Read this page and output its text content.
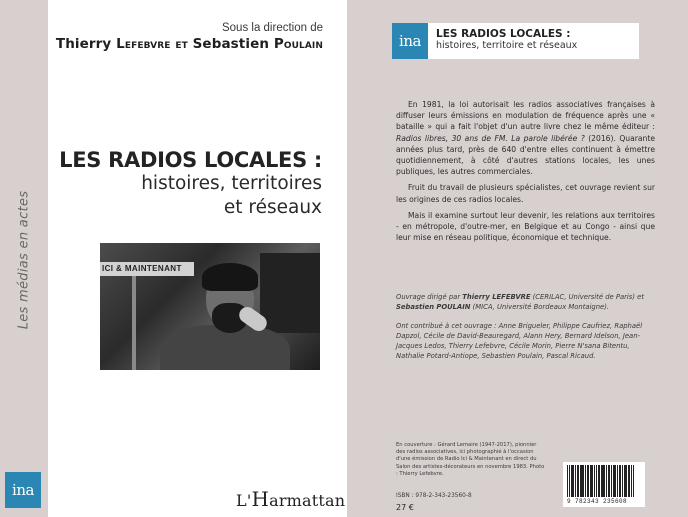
Les médias en actes
ina
Sous la direction de
Thierry Lefebvre et Sebastien Poulain
LES RADIOS LOCALES :
histoires, territoires
et réseaux
ICI & MAINTENANT
L'Harmattan
ina	LES RADIOS LOCALES :
histoires, territoire et réseaux

En 1981, la loi autorisait les radios associatives françaises à diffuser leurs émissions en modulation de fréquence après une « bataille » qui a fait l'objet d'un autre livre chez le même éditeur : Radios libres, 30 ans de FM. La parole libérée ? (2016). Quarante années plus tard, près de 640 d'entre elles continuent à émettre quotidiennement, à côté d'autres stations locales, les unes publiques, les autres commerciales.

Fruit du travail de plusieurs spécialistes, cet ouvrage revient sur les origines de ces radios locales.

Mais il examine surtout leur devenir, les relations aux territoires - en métropole, d'outre-mer, en Belgique et au Congo - ainsi que leur mise en réseau politique, économique et technique.

Ouvrage dirigé par Thierry LEFEBVRE (CERILAC, Université de Paris) et Sebastien POULAIN (MICA, Université Bordeaux Montaigne).

Ont contribué à cet ouvrage : Anne Brigueler, Philippe Caufriez, Raphaël Dapzol, Cécile de David-Beauregard, Alann Hery, Bernard Idelson, Jean-Jacques Ledos, Thierry Lefebvre, Cécile Morin, Pierre N'sana Bitentu, Nathalie Potard-Antiope, Sebastien Poulain, Pascal Ricaud.

En couverture : Gérard Lemaire (1947-2017), pionnier des radios associatives, ici photographié à l'occasion d'une émission de Radio Ici & Maintenant en direct du Salon des artistes-décorateurs en novembre 1983. Photo : Thierry Lefebvre.
ISBN : 978-2-343-23560-8
27 €
9 782343 235608
